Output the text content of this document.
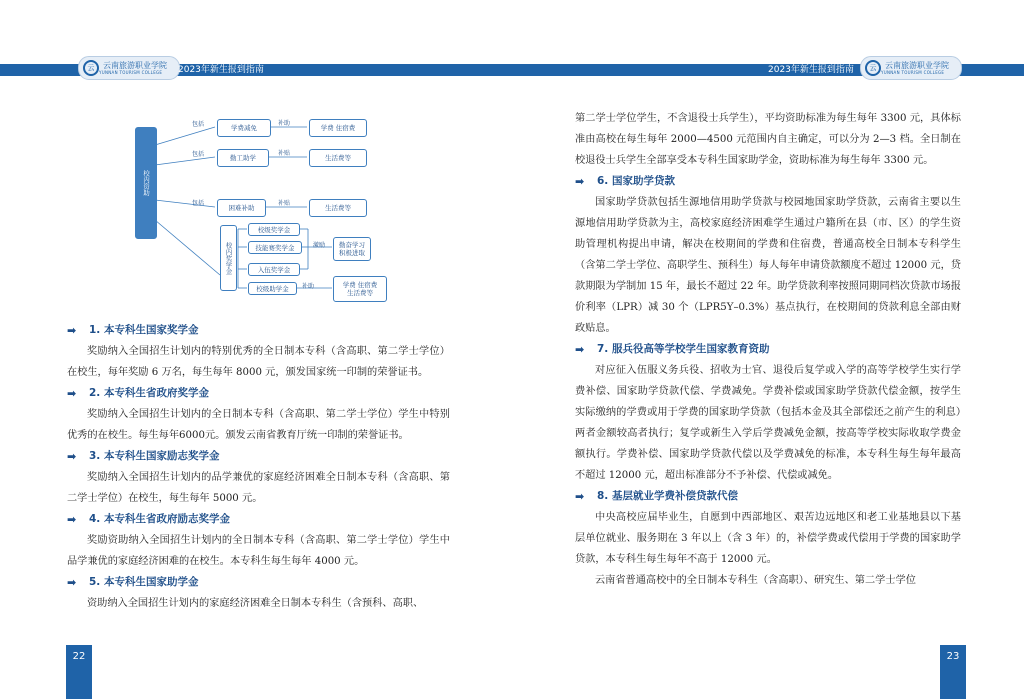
云	云南旅游职业学院
YUNNAN TOURISM COLLEGE	2023年新生报到指南	2023年新生报到指南	云	云南旅游职业学院
YUNNAN TOURISM COLLEGE
校内资助
包括
包括
包括
补助
补贴
补贴
激励
补助
学费减免	学费 住宿费
勤工助学	生活费等
困难补助	生活费等
校内奖学金
校级奖学金
技能赛奖学金
入伍奖学金
校级助学金
勤奋学习
积极进取
学费 住宿费
生活费等

➡	1. 本专科生国家奖学金

奖励纳入全国招生计划内的特别优秀的全日制本专科（含高职、第二学士学位）在校生，每年奖励 6 万名，每生每年 8000 元，颁发国家统一印制的荣誉证书。

➡	2. 本专科生省政府奖学金

奖励纳入全国招生计划内的全日制本专科（含高职、第二学士学位）学生中特别优秀的在校生。每生每年6000元。颁发云南省教育厅统一印制的荣誉证书。

➡	3. 本专科生国家励志奖学金

奖励纳入全国招生计划内的品学兼优的家庭经济困难全日制本专科（含高职、第二学士学位）在校生，每生每年 5000 元。

➡	4. 本专科生省政府励志奖学金

奖励资助纳入全国招生计划内的全日制本专科（含高职、第二学士学位）学生中品学兼优的家庭经济困难的在校生。本专科生每生每年 4000 元。

➡	5. 本专科生国家助学金

资助纳入全国招生计划内的家庭经济困难全日制本专科生（含预科、高职、

第二学士学位学生，不含退役士兵学生），平均资助标准为每生每年 3300 元，具体标准由高校在每生每年 2000—4500 元范围内自主确定，可以分为 2—3 档。全日制在校退役士兵学生全部享受本专科生国家助学金，资助标准为每生每年 3300 元。

➡	6. 国家助学贷款

国家助学贷款包括生源地信用助学贷款与校园地国家助学贷款，云南省主要以生源地信用助学贷款为主，高校家庭经济困难学生通过户籍所在县（市、区）的学生资助管理机构提出申请，解决在校期间的学费和住宿费，普通高校全日制本专科学生（含第二学士学位、高职学生、预科生）每人每年申请贷款额度不超过 12000 元，贷款期限为学制加 15 年，最长不超过 22 年。助学贷款利率按照同期同档次贷款市场报价利率（LPR）减 30 个（LPR5Y–0.3%）基点执行，在校期间的贷款利息全部由财政贴息。

➡	7. 服兵役高等学校学生国家教育资助

对应征入伍服义务兵役、招收为士官、退役后复学或入学的高等学校学生实行学费补偿、国家助学贷款代偿、学费减免。学费补偿或国家助学贷款代偿金额，按学生实际缴纳的学费或用于学费的国家助学贷款（包括本金及其全部偿还之前产生的利息）两者金额较高者执行；复学或新生入学后学费减免金额，按高等学校实际收取学费金额执行。学费补偿、国家助学贷款代偿以及学费减免的标准，本专科生每生每年最高不超过 12000 元，超出标准部分不予补偿、代偿或减免。

➡	8. 基层就业学费补偿贷款代偿

中央高校应届毕业生，自愿到中西部地区、艰苦边远地区和老工业基地县以下基层单位就业、服务期在 3 年以上（含 3 年）的，补偿学费或代偿用于学费的国家助学贷款，本专科生每生每年不高于 12000 元。

云南省普通高校中的全日制本专科生（含高职）、研究生、第二学士学位

22	23
